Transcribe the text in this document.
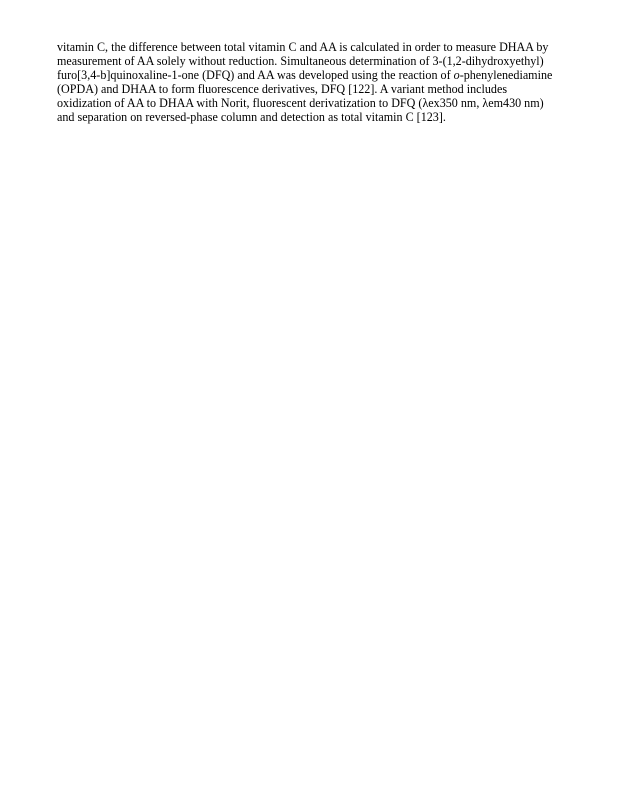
vitamin C, the difference between total vitamin C and AA is calculated in order to measure DHAA by
measurement of AA solely without reduction. Simultaneous determination of 3-(1,2-dihydroxyethyl)
furo[3,4-b]quinoxaline-1-one (DFQ) and AA was developed using the reaction of o-phenylenediamine
(OPDA) and DHAA to form fluorescence derivatives, DFQ [122]. A variant method includes
oxidization of AA to DHAA with Norit, fluorescent derivatization to DFQ (λex350 nm, λem430 nm)
and separation on reversed-phase column and detection as total vitamin C [123].
